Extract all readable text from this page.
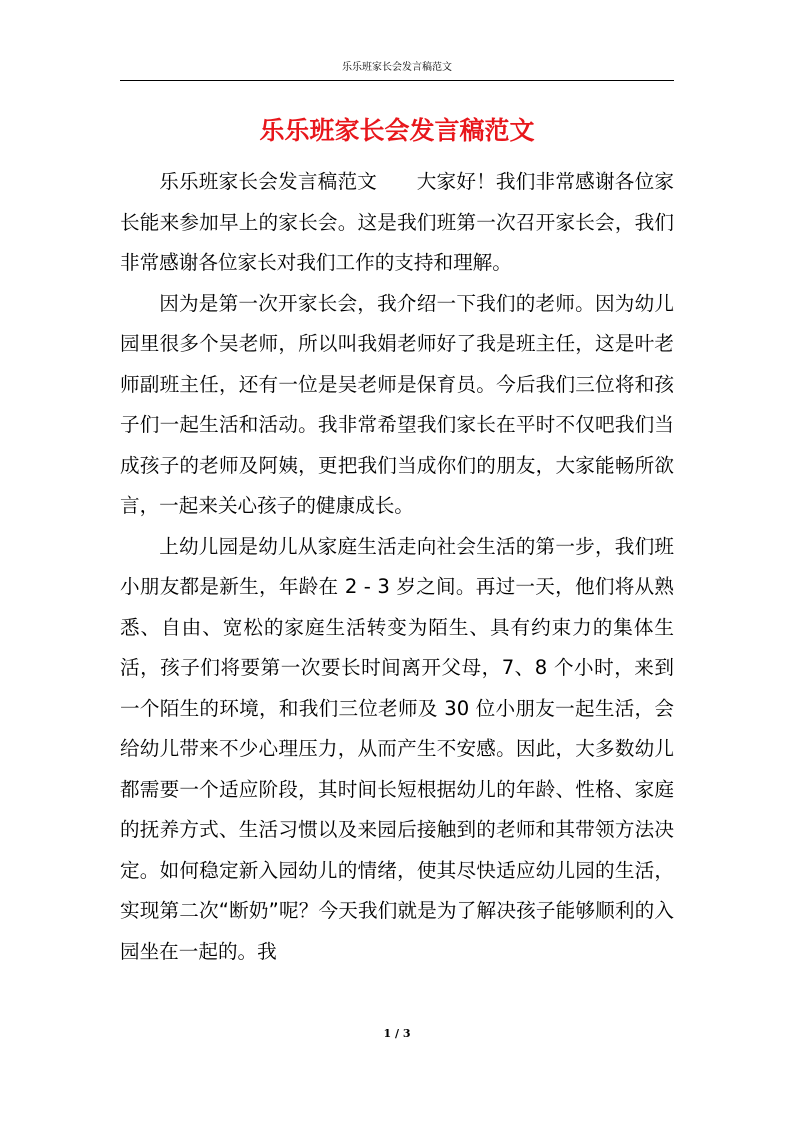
乐乐班家长会发言稿范文
乐乐班家长会发言稿范文

乐乐班家长会发言稿范文　　大家好！我们非常感谢各位家长能来参加早上的家长会。这是我们班第一次召开家长会，我们非常感谢各位家长对我们工作的支持和理解。

因为是第一次开家长会，我介绍一下我们的老师。因为幼儿园里很多个吴老师，所以叫我娟老师好了我是班主任，这是叶老师副班主任，还有一位是吴老师是保育员。今后我们三位将和孩子们一起生活和活动。我非常希望我们家长在平时不仅吧我们当成孩子的老师及阿姨，更把我们当成你们的朋友，大家能畅所欲言，一起来关心孩子的健康成长。

上幼儿园是幼儿从家庭生活走向社会生活的第一步，我们班小朋友都是新生，年龄在 2 - 3 岁之间。再过一天，他们将从熟悉、自由、宽松的家庭生活转变为陌生、具有约束力的集体生活，孩子们将要第一次要长时间离开父母，7、8 个小时，来到一个陌生的环境，和我们三位老师及 30 位小朋友一起生活，会给幼儿带来不少心理压力，从而产生不安感。因此，大多数幼儿都需要一个适应阶段，其时间长短根据幼儿的年龄、性格、家庭的抚养方式、生活习惯以及来园后接触到的老师和其带领方法决定。如何稳定新入园幼儿的情绪，使其尽快适应幼儿园的生活，实现第二次“断奶”呢？今天我们就是为了解决孩子能够顺利的入园坐在一起的。我

1 / 3
